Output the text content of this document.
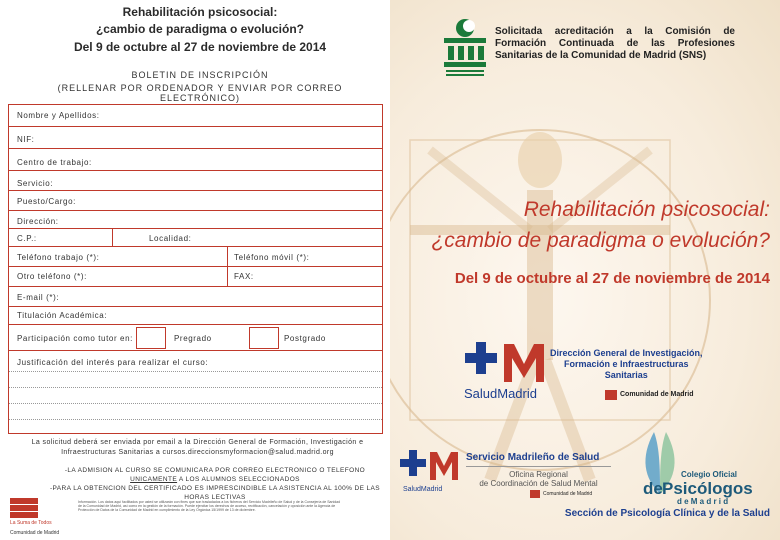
Rehabilitación psicosocial:
¿cambio de paradigma o evolución?
Del 9 de octubre al 27 de noviembre de 2014
BOLETIN DE INSCRIPCIÓN
(RELLENAR POR ORDENADOR Y ENVIAR POR CORREO ELECTRÓNICO)
Nombre y Apellidos:
NIF:
Centro de trabajo:
Servicio:
Puesto/Cargo:
Dirección:
C.P.:	Localidad:
Teléfono trabajo (*):	Teléfono móvil (*):
Otro teléfono (*):	FAX:
E-mail (*):
Titulación Académica:
Participación como tutor en:	Pregrado	Postgrado
Justificación del interés para realizar el curso:
La solicitud deberá ser enviada por email a la Dirección General de Formación, Investigación e Infraestructuras Sanitarias a cursos.direccionsmyformacion@salud.madrid.org
-LA ADMISION AL CURSO SE COMUNICARA POR CORREO ELECTRONICO O TELEFONO UNICAMENTE A LOS ALUMNOS SELECCIONADOS
-PARA LA OBTENCION DEL CERTIFICADO ES IMPRESCINDIBLE LA ASISTENCIA AL 100% DE LAS HORAS LECTIVAS
La Suma de Todos
Comunidad de Madrid
Información. Los datos aquí facilitados por usted se utilizarán con fines que son trasladados a los ficheros del Servicio Madrileño de Salud y de la Consejería de Sanidad de la Comunidad de Madrid, así como en la gestión de la formación. Puede ejercitar los derechos de acceso, rectificación, cancelación y oposición ante la Agencia de Protección de Datos de la Comunidad de Madrid en cumplimiento de la Ley Orgánica 15/1999 de 13 de diciembre.
Solicitada acreditación a la Comisión de Formación Continuada de las Profesiones Sanitarias de la Comunidad de Madrid (SNS)
Rehabilitación psicosocial:
¿cambio de paradigma o evolución?
Del 9 de octubre al 27 de noviembre de 2014
SaludMadrid
Dirección General de Investigación,
Formación e Infraestructuras
Sanitarias
Comunidad de Madrid
SaludMadrid
Servicio Madrileño de Salud
Oficina Regional
de Coordinación de Salud Mental
Comunidad de Madrid
Colegio Oficial
de Psicólogos
d e M a d r i d
Sección de Psicología Clínica y de la Salud
